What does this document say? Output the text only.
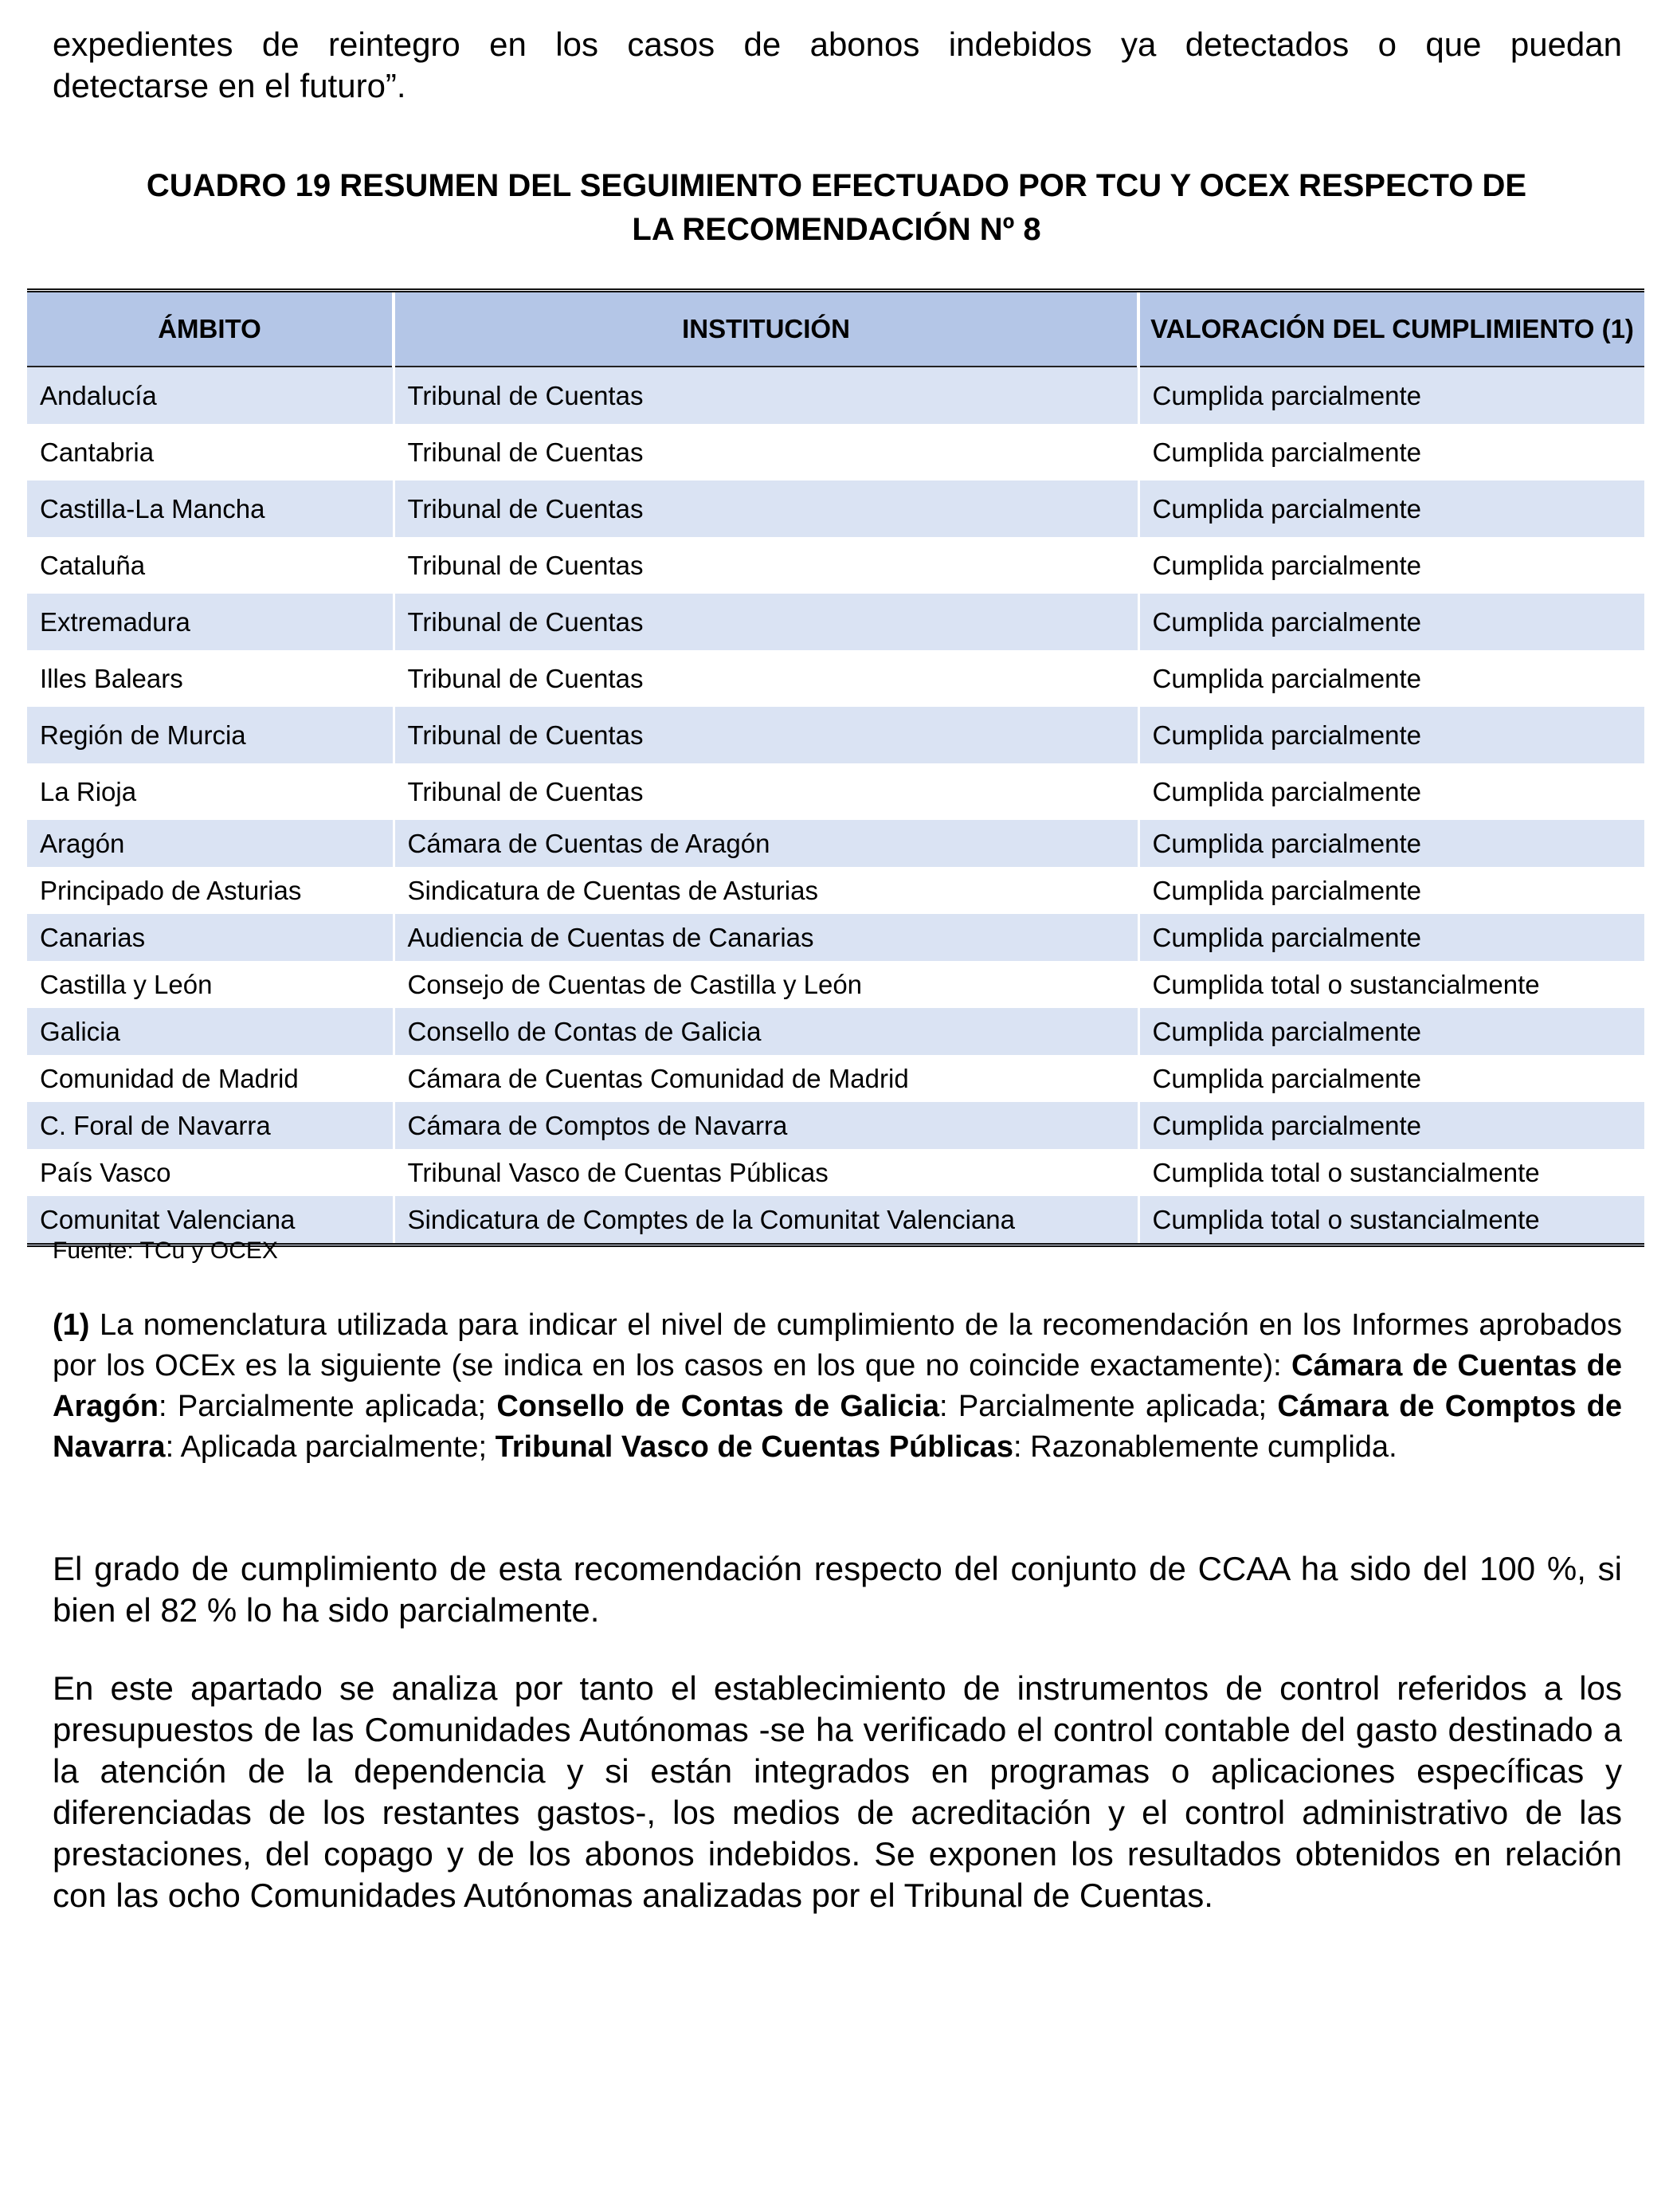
expedientes de reintegro en los casos de abonos indebidos ya detectados o que puedan
detectarse en el futuro”.

CUADRO 19 RESUMEN DEL SEGUIMIENTO EFECTUADO POR TCU Y OCEX RESPECTO DE
LA RECOMENDACIÓN Nº 8
ÁMBITO	INSTITUCIÓN	VALORACIÓN DEL CUMPLIMIENTO (1)
Andalucía	Tribunal de Cuentas	Cumplida parcialmente
Cantabria	Tribunal de Cuentas	Cumplida parcialmente
Castilla-La Mancha	Tribunal de Cuentas	Cumplida parcialmente
Cataluña	Tribunal de Cuentas	Cumplida parcialmente
Extremadura	Tribunal de Cuentas	Cumplida parcialmente
Illes Balears	Tribunal de Cuentas	Cumplida parcialmente
Región de Murcia	Tribunal de Cuentas	Cumplida parcialmente
La Rioja	Tribunal de Cuentas	Cumplida parcialmente
Aragón	Cámara de Cuentas de Aragón	Cumplida parcialmente
Principado de Asturias	Sindicatura de Cuentas de Asturias	Cumplida parcialmente
Canarias	Audiencia de Cuentas de Canarias	Cumplida parcialmente
Castilla y León	Consejo de Cuentas de Castilla y León	Cumplida total o sustancialmente
Galicia	Consello de Contas de Galicia	Cumplida parcialmente
Comunidad de Madrid	Cámara de Cuentas Comunidad de Madrid	Cumplida parcialmente
C. Foral de Navarra	Cámara de Comptos de Navarra	Cumplida parcialmente
País Vasco	Tribunal Vasco de Cuentas Públicas	Cumplida total o sustancialmente
Comunitat Valenciana	Sindicatura de Comptes de la Comunitat Valenciana	Cumplida total o sustancialmente

Fuente: TCu y OCEX

(1) La nomenclatura utilizada para indicar el nivel de cumplimiento de la recomendación en los Informes aprobados por los OCEx es la siguiente (se indica en los casos en los que no coincide exactamente): Cámara de Cuentas de Aragón: Parcialmente aplicada; Consello de Contas de Galicia: Parcialmente aplicada; Cámara de Comptos de Navarra: Aplicada parcialmente; Tribunal Vasco de Cuentas Públicas: Razonablemente cumplida.

El grado de cumplimiento de esta recomendación respecto del conjunto de CCAA ha sido del 100 %, si bien el 82 % lo ha sido parcialmente.

En este apartado se analiza por tanto el establecimiento de instrumentos de control referidos a los presupuestos de las Comunidades Autónomas -se ha verificado el control contable del gasto destinado a la atención de la dependencia y si están integrados en programas o aplicaciones específicas y diferenciadas de los restantes gastos-, los medios de acreditación y el control administrativo de las prestaciones, del copago y de los abonos indebidos. Se exponen los resultados obtenidos en relación con las ocho Comunidades Autónomas analizadas por el Tribunal de Cuentas.
